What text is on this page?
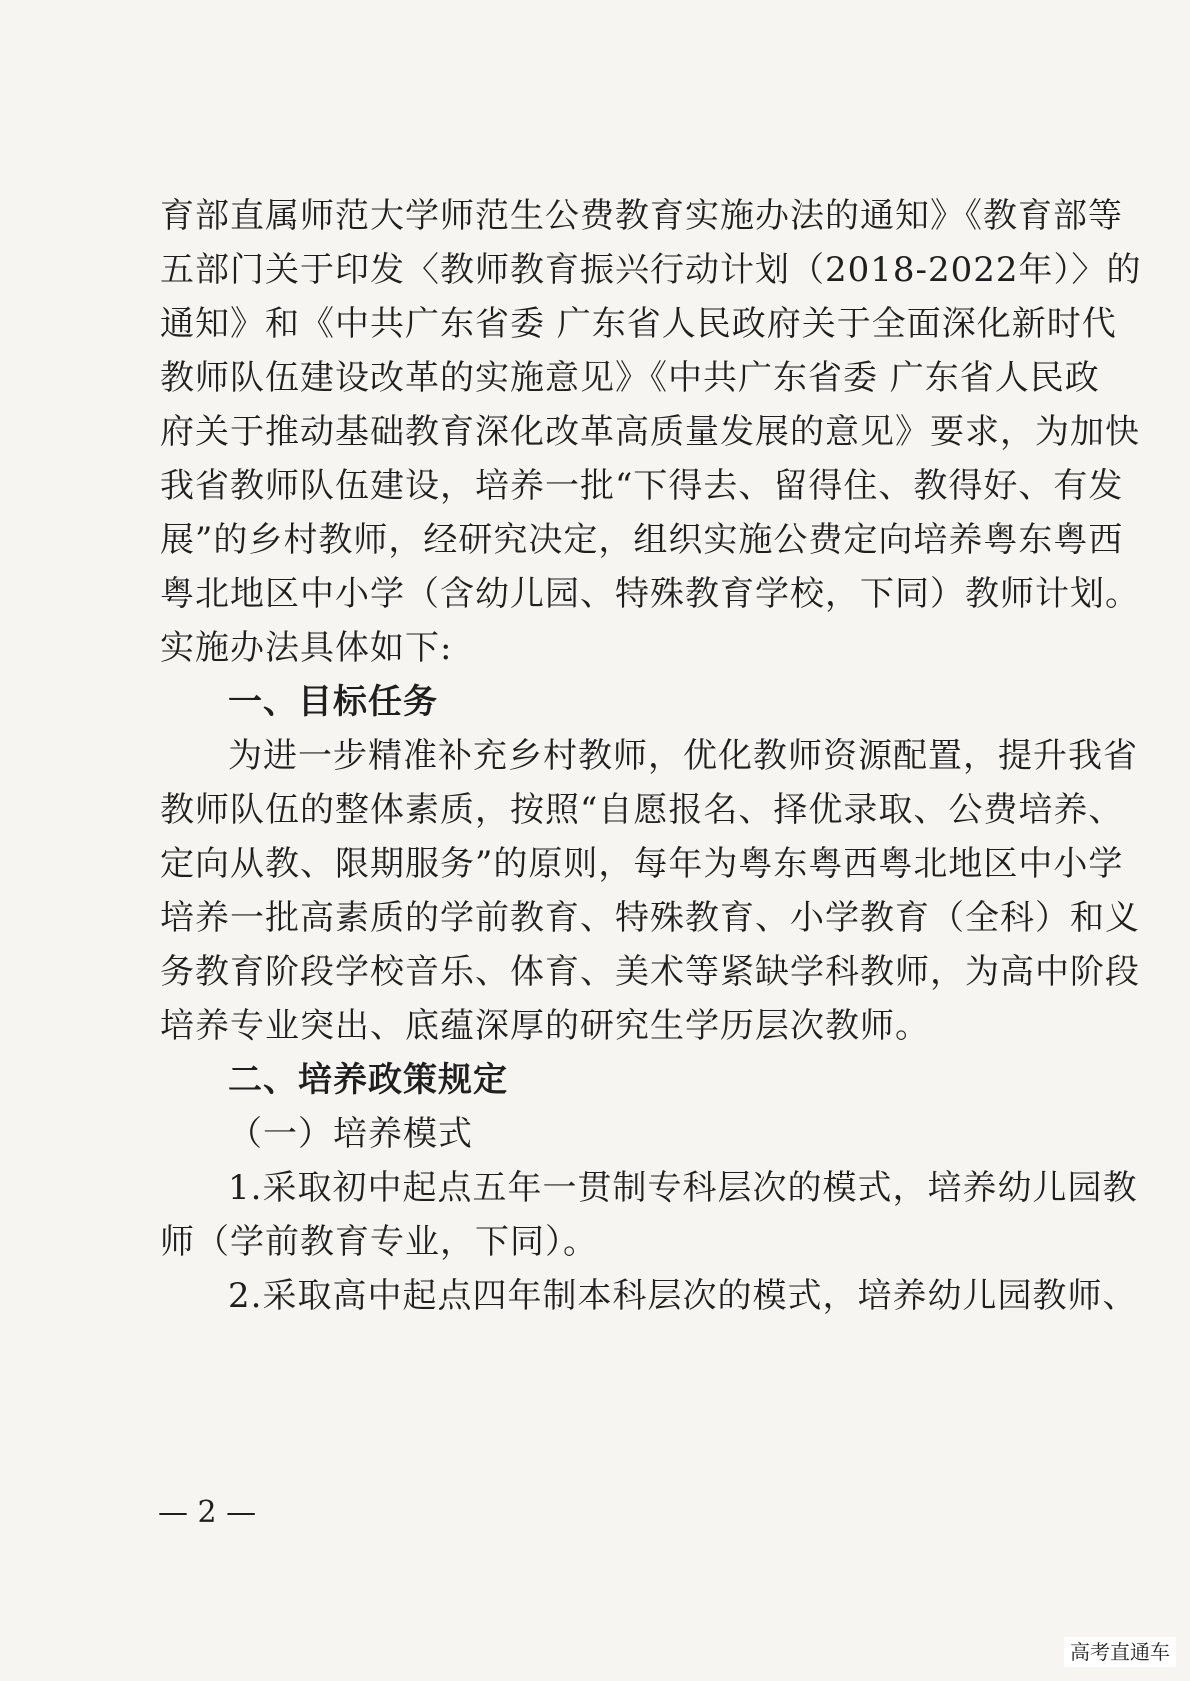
育部直属师范大学师范生公费教育实施办法的通知》《教育部等
五部门关于印发〈教师教育振兴行动计划（2018-2022年）〉的
通知》和《中共广东省委 广东省人民政府关于全面深化新时代
教师队伍建设改革的实施意见》《中共广东省委 广东省人民政
府关于推动基础教育深化改革高质量发展的意见》要求，为加快
我省教师队伍建设，培养一批“下得去、留得住、教得好、有发
展”的乡村教师，经研究决定，组织实施公费定向培养粤东粤西
粤北地区中小学（含幼儿园、特殊教育学校，下同）教师计划。
实施办法具体如下:
一、目标任务
为进一步精准补充乡村教师，优化教师资源配置，提升我省
教师队伍的整体素质，按照“自愿报名、择优录取、公费培养、
定向从教、限期服务”的原则，每年为粤东粤西粤北地区中小学
培养一批高素质的学前教育、特殊教育、小学教育（全科）和义
务教育阶段学校音乐、体育、美术等紧缺学科教师，为高中阶段
培养专业突出、底蕴深厚的研究生学历层次教师。
二、培养政策规定
（一）培养模式
1.采取初中起点五年一贯制专科层次的模式，培养幼儿园教
师（学前教育专业，下同）。
2.采取高中起点四年制本科层次的模式，培养幼儿园教师、
— 2 —
高考直通车
